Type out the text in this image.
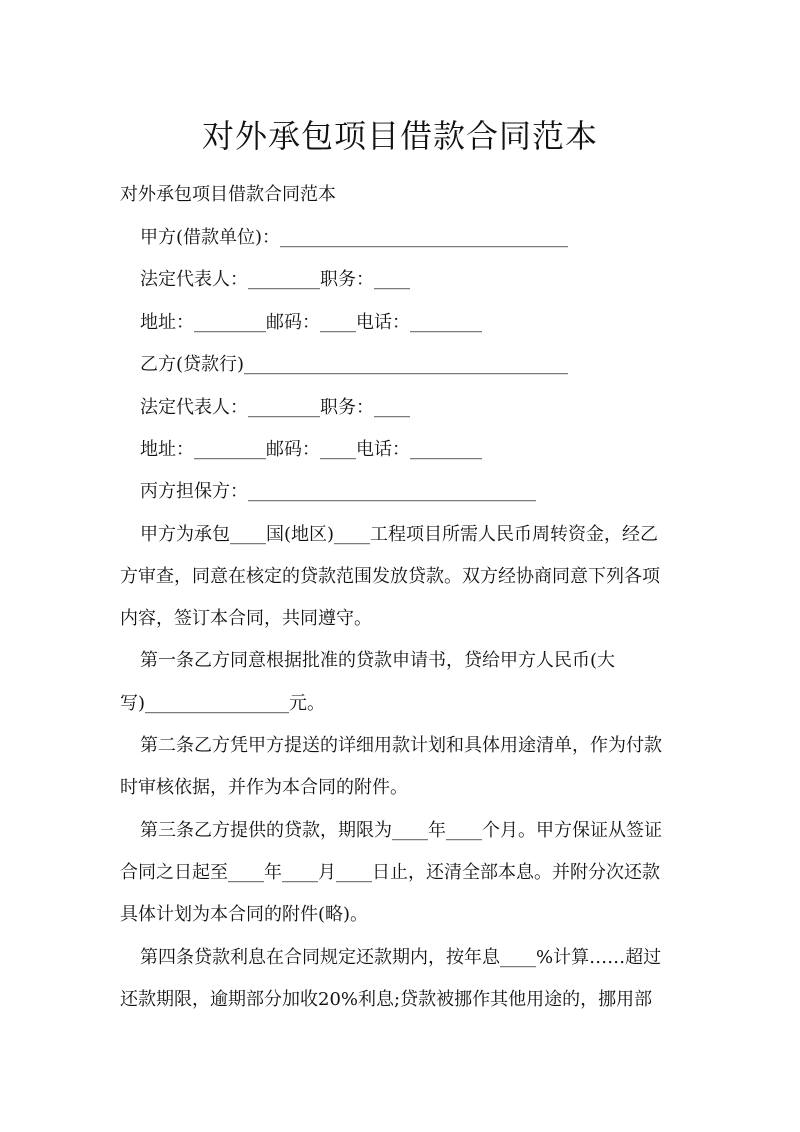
对外承包项目借款合同范本
对外承包项目借款合同范本
甲方(借款单位)：________________________________
法定代表人：________职务：____
地址：________邮码：____电话：________
乙方(贷款行)____________________________________
法定代表人：________职务：____
地址：________邮码：____电话：________
丙方担保方：________________________________
甲方为承包____国(地区)____工程项目所需人民币周转资金，经乙
方审查，同意在核定的贷款范围发放贷款。双方经协商同意下列各项
内容，签订本合同，共同遵守。
第一条乙方同意根据批准的贷款申请书，贷给甲方人民币(大
写)________________元。
第二条乙方凭甲方提送的详细用款计划和具体用途清单，作为付款
时审核依据，并作为本合同的附件。
第三条乙方提供的贷款，期限为____年____个月。甲方保证从签证
合同之日起至____年____月____日止，还清全部本息。并附分次还款
具体计划为本合同的附件(略)。
第四条贷款利息在合同规定还款期内，按年息____%计算……超过
还款期限，逾期部分加收20%利息;贷款被挪作其他用途的，挪用部
